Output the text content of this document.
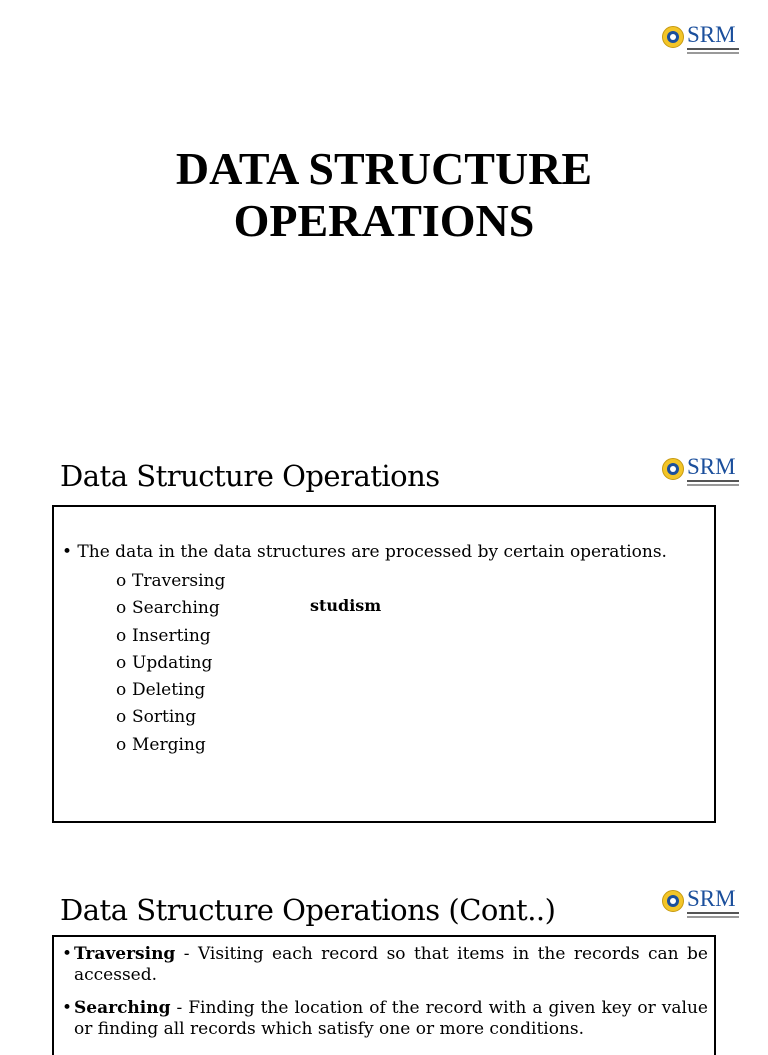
SRM
DATA STRUCTURE
OPERATIONS
Data Structure Operations	SRM
• The data in the data structures are processed by certain operations.
o Traversing
o Searching
o Inserting
o Updating
o Deleting
o Sorting
o Merging
studism
Data Structure Operations (Cont..)	SRM
• Traversing - Visiting each record so that items in the records can be accessed.
• Searching - Finding the location of the record with a given key or value or finding all records which satisfy one or more conditions.
